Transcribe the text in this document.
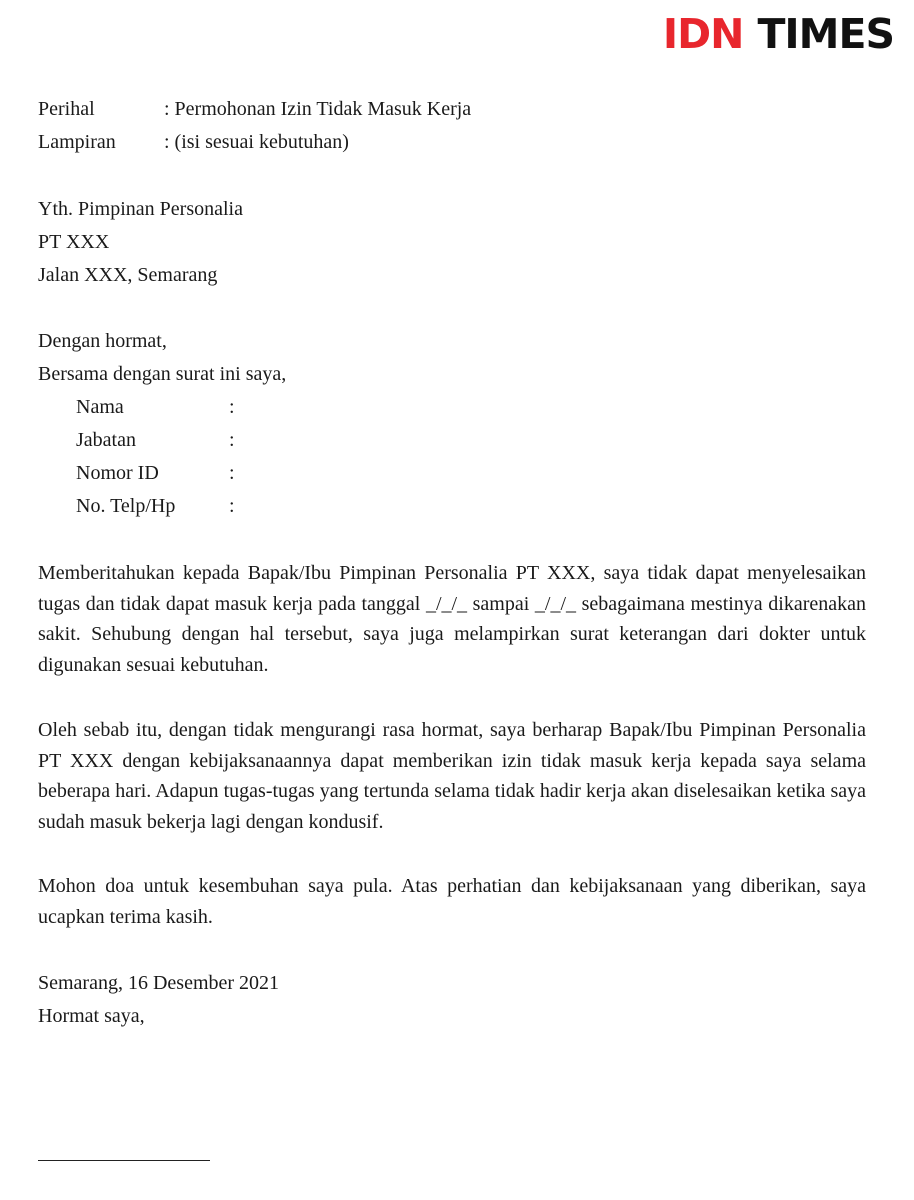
IDN TIMES
Perihal	: Permohonan Izin Tidak Masuk Kerja
Lampiran	: (isi sesuai kebutuhan)
Yth. Pimpinan Personalia
PT XXX
Jalan XXX, Semarang
Dengan hormat,
Bersama dengan surat ini saya,
Nama	:
Jabatan	:
Nomor ID	:
No. Telp/Hp	:

Memberitahukan kepada Bapak/Ibu Pimpinan Personalia PT XXX, saya tidak dapat menyelesaikan tugas dan tidak dapat masuk kerja pada tanggal _/_/_ sampai _/_/_ sebagaimana mestinya dikarenakan sakit. Sehubung dengan hal tersebut, saya juga melampirkan surat keterangan dari dokter untuk digunakan sesuai kebutuhan.

Oleh sebab itu, dengan tidak mengurangi rasa hormat, saya berharap Bapak/Ibu Pimpinan Personalia PT XXX dengan kebijaksanaannya dapat memberikan izin tidak masuk kerja kepada saya selama beberapa hari. Adapun tugas-tugas yang tertunda selama tidak hadir kerja akan diselesaikan ketika saya sudah masuk bekerja lagi dengan kondusif.

Mohon doa untuk kesembuhan saya pula. Atas perhatian dan kebijaksanaan yang diberikan, saya ucapkan terima kasih.

Semarang, 16 Desember 2021
Hormat saya,
